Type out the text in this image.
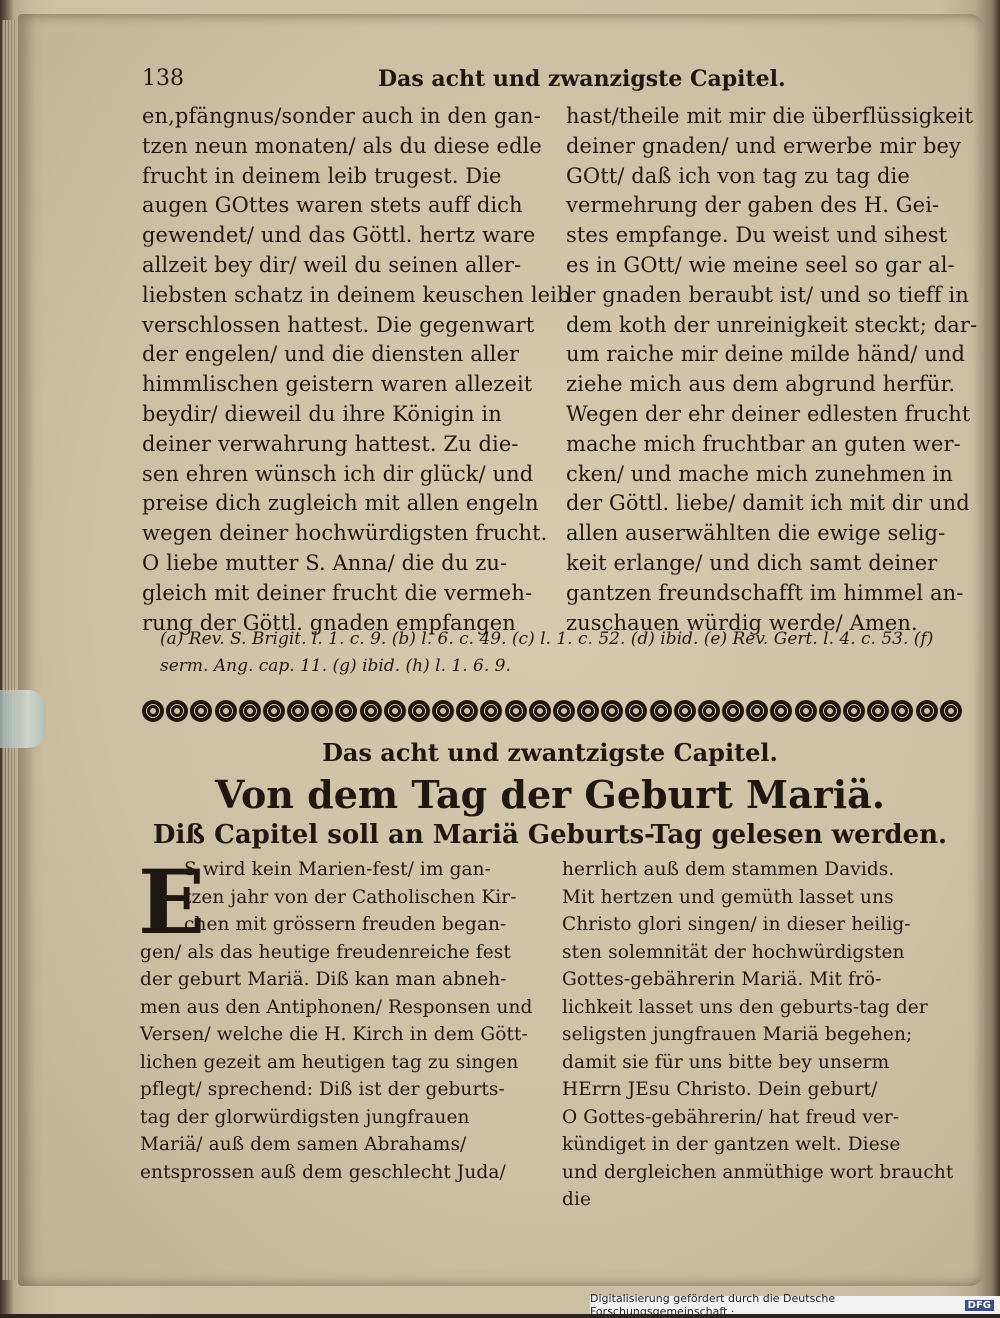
138	Das acht und zwanzigste Capitel.
en,pfängnus/sonder auch in den gan-
tzen neun monaten/ als du diese edle
frucht in deinem leib trugest. Die
augen GOttes waren stets auff dich
gewendet/ und das Göttl. hertz ware
allzeit bey dir/ weil du seinen aller-
liebsten schatz in deinem keuschen leib
verschlossen hattest. Die gegenwart
der engelen/ und die diensten aller
himmlischen geistern waren allezeit
beydir/ dieweil du ihre Königin in
deiner verwahrung hattest. Zu die-
sen ehren wünsch ich dir glück/ und
preise dich zugleich mit allen engeln
wegen deiner hochwürdigsten frucht.
O liebe mutter S. Anna/ die du zu-
gleich mit deiner frucht die vermeh-
rung der Göttl. gnaden empfangen
hast/theile mit mir die überflüssigkeit
deiner gnaden/ und erwerbe mir bey
GOtt/ daß ich von tag zu tag die
vermehrung der gaben des H. Gei-
stes empfange. Du weist und sihest
es in GOtt/ wie meine seel so gar al-
ler gnaden beraubt ist/ und so tieff in
dem koth der unreinigkeit steckt; dar-
um raiche mir deine milde händ/ und
ziehe mich aus dem abgrund herfür.
Wegen der ehr deiner edlesten frucht
mache mich fruchtbar an guten wer-
cken/ und mache mich zunehmen in
der Göttl. liebe/ damit ich mit dir und
allen auserwählten die ewige selig-
keit erlange/ und dich samt deiner
gantzen freundschafft im himmel an-
zuschauen würdig werde/ Amen.
(a) Rev. S. Brigit. l. 1. c. 9. (b) l. 6. c. 49. (c) l. 1. c. 52. (d) ibid. (e) Rev. Gert. l. 4. c. 53. (f)
serm. Ang. cap. 11. (g) ibid. (h) l. 1. 6. 9.
Das acht und zwantzigste Capitel.
Von dem Tag der Geburt Mariä.
Diß Capitel soll an Mariä Geburts-Tag gelesen werden.
E
S wird kein Marien-fest/ im gan-
tzen jahr von der Catholischen Kir-
chen mit grössern freuden began-
gen/ als das heutige freudenreiche fest
der geburt Mariä. Diß kan man abneh-
men aus den Antiphonen/ Responsen und
Versen/ welche die H. Kirch in dem Gött-
lichen gezeit am heutigen tag zu singen
pflegt/ sprechend: Diß ist der geburts-
tag der glorwürdigsten jungfrauen
Mariä/ auß dem samen Abrahams/
entsprossen auß dem geschlecht Juda/
herrlich auß dem stammen Davids.
Mit hertzen und gemüth lasset uns
Christo glori singen/ in dieser heilig-
sten solemnität der hochwürdigsten
Gottes-gebährerin Mariä. Mit frö-
lichkeit lasset uns den geburts-tag der
seligsten jungfrauen Mariä begehen;
damit sie für uns bitte bey unserm
HErrn JEsu Christo. Dein geburt/
O Gottes-gebährerin/ hat freud ver-
kündiget in der gantzen welt. Diese
und dergleichen anmüthige wort braucht
die
Digitalisierung gefördert durch die Deutsche Forschungsgemeinschaft ·	DFG
